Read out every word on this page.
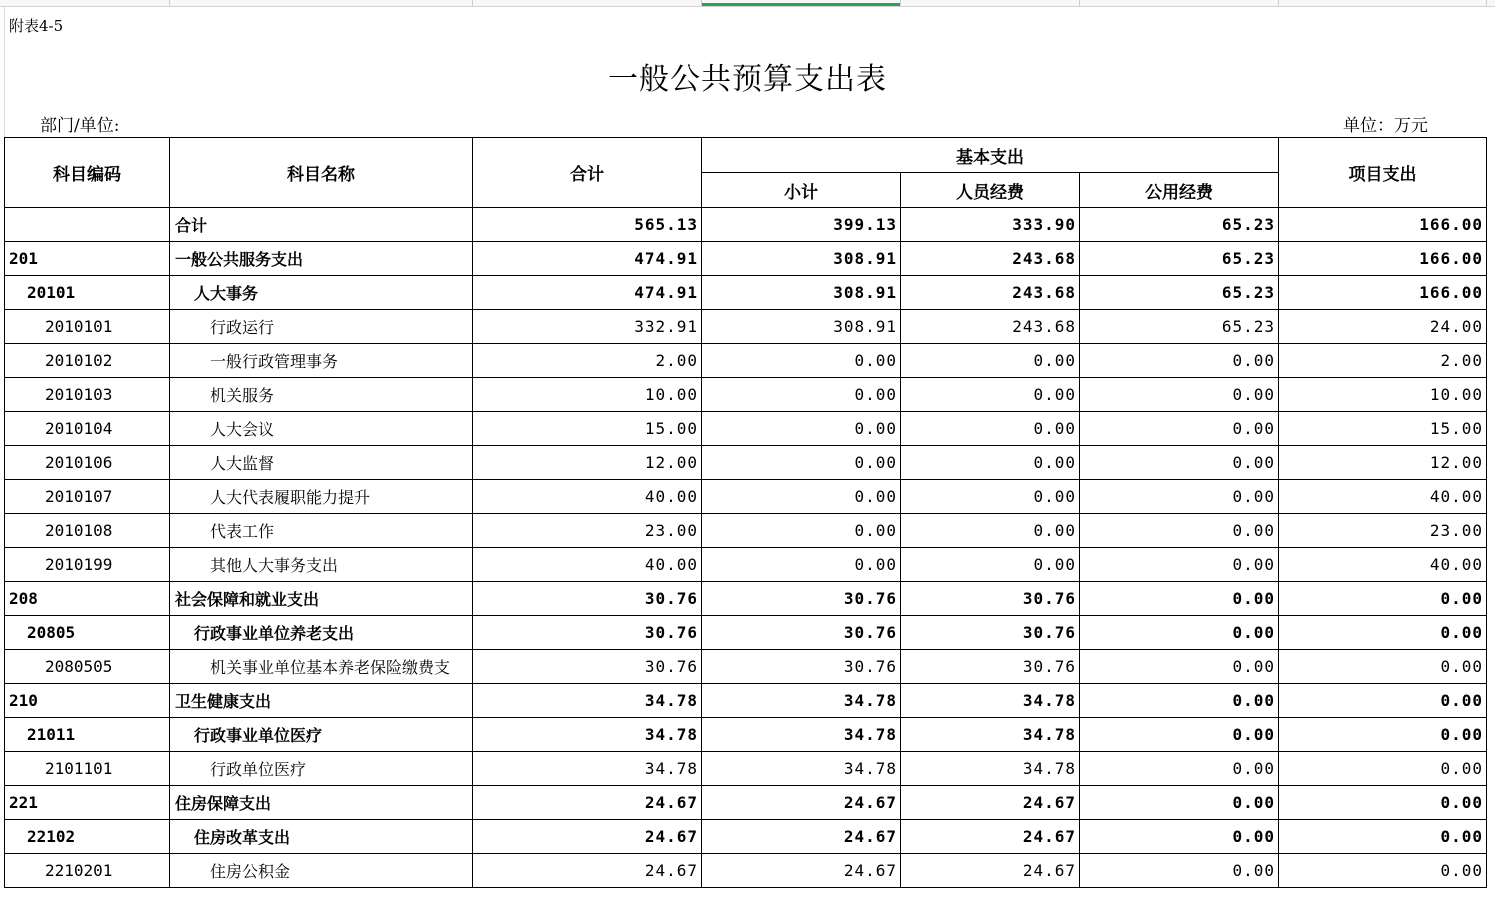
附表4-5
一般公共预算支出表
部门/单位:	单位：万元
科目编码	科目名称	合计	基本支出			项目支出
			小计	人员经费	公用经费	
	合计	565.13	399.13	333.90	65.23	166.00
201	一般公共服务支出	474.91	308.91	243.68	65.23	166.00
20101	人大事务	474.91	308.91	243.68	65.23	166.00
2010101	行政运行	332.91	308.91	243.68	65.23	24.00
2010102	一般行政管理事务	2.00	0.00	0.00	0.00	2.00
2010103	机关服务	10.00	0.00	0.00	0.00	10.00
2010104	人大会议	15.00	0.00	0.00	0.00	15.00
2010106	人大监督	12.00	0.00	0.00	0.00	12.00
2010107	人大代表履职能力提升	40.00	0.00	0.00	0.00	40.00
2010108	代表工作	23.00	0.00	0.00	0.00	23.00
2010199	其他人大事务支出	40.00	0.00	0.00	0.00	40.00
208	社会保障和就业支出	30.76	30.76	30.76	0.00	0.00
20805	行政事业单位养老支出	30.76	30.76	30.76	0.00	0.00
2080505	机关事业单位基本养老保险缴费支	30.76	30.76	30.76	0.00	0.00
210	卫生健康支出	34.78	34.78	34.78	0.00	0.00
21011	行政事业单位医疗	34.78	34.78	34.78	0.00	0.00
2101101	行政单位医疗	34.78	34.78	34.78	0.00	0.00
221	住房保障支出	24.67	24.67	24.67	0.00	0.00
22102	住房改革支出	24.67	24.67	24.67	0.00	0.00
2210201	住房公积金	24.67	24.67	24.67	0.00	0.00
